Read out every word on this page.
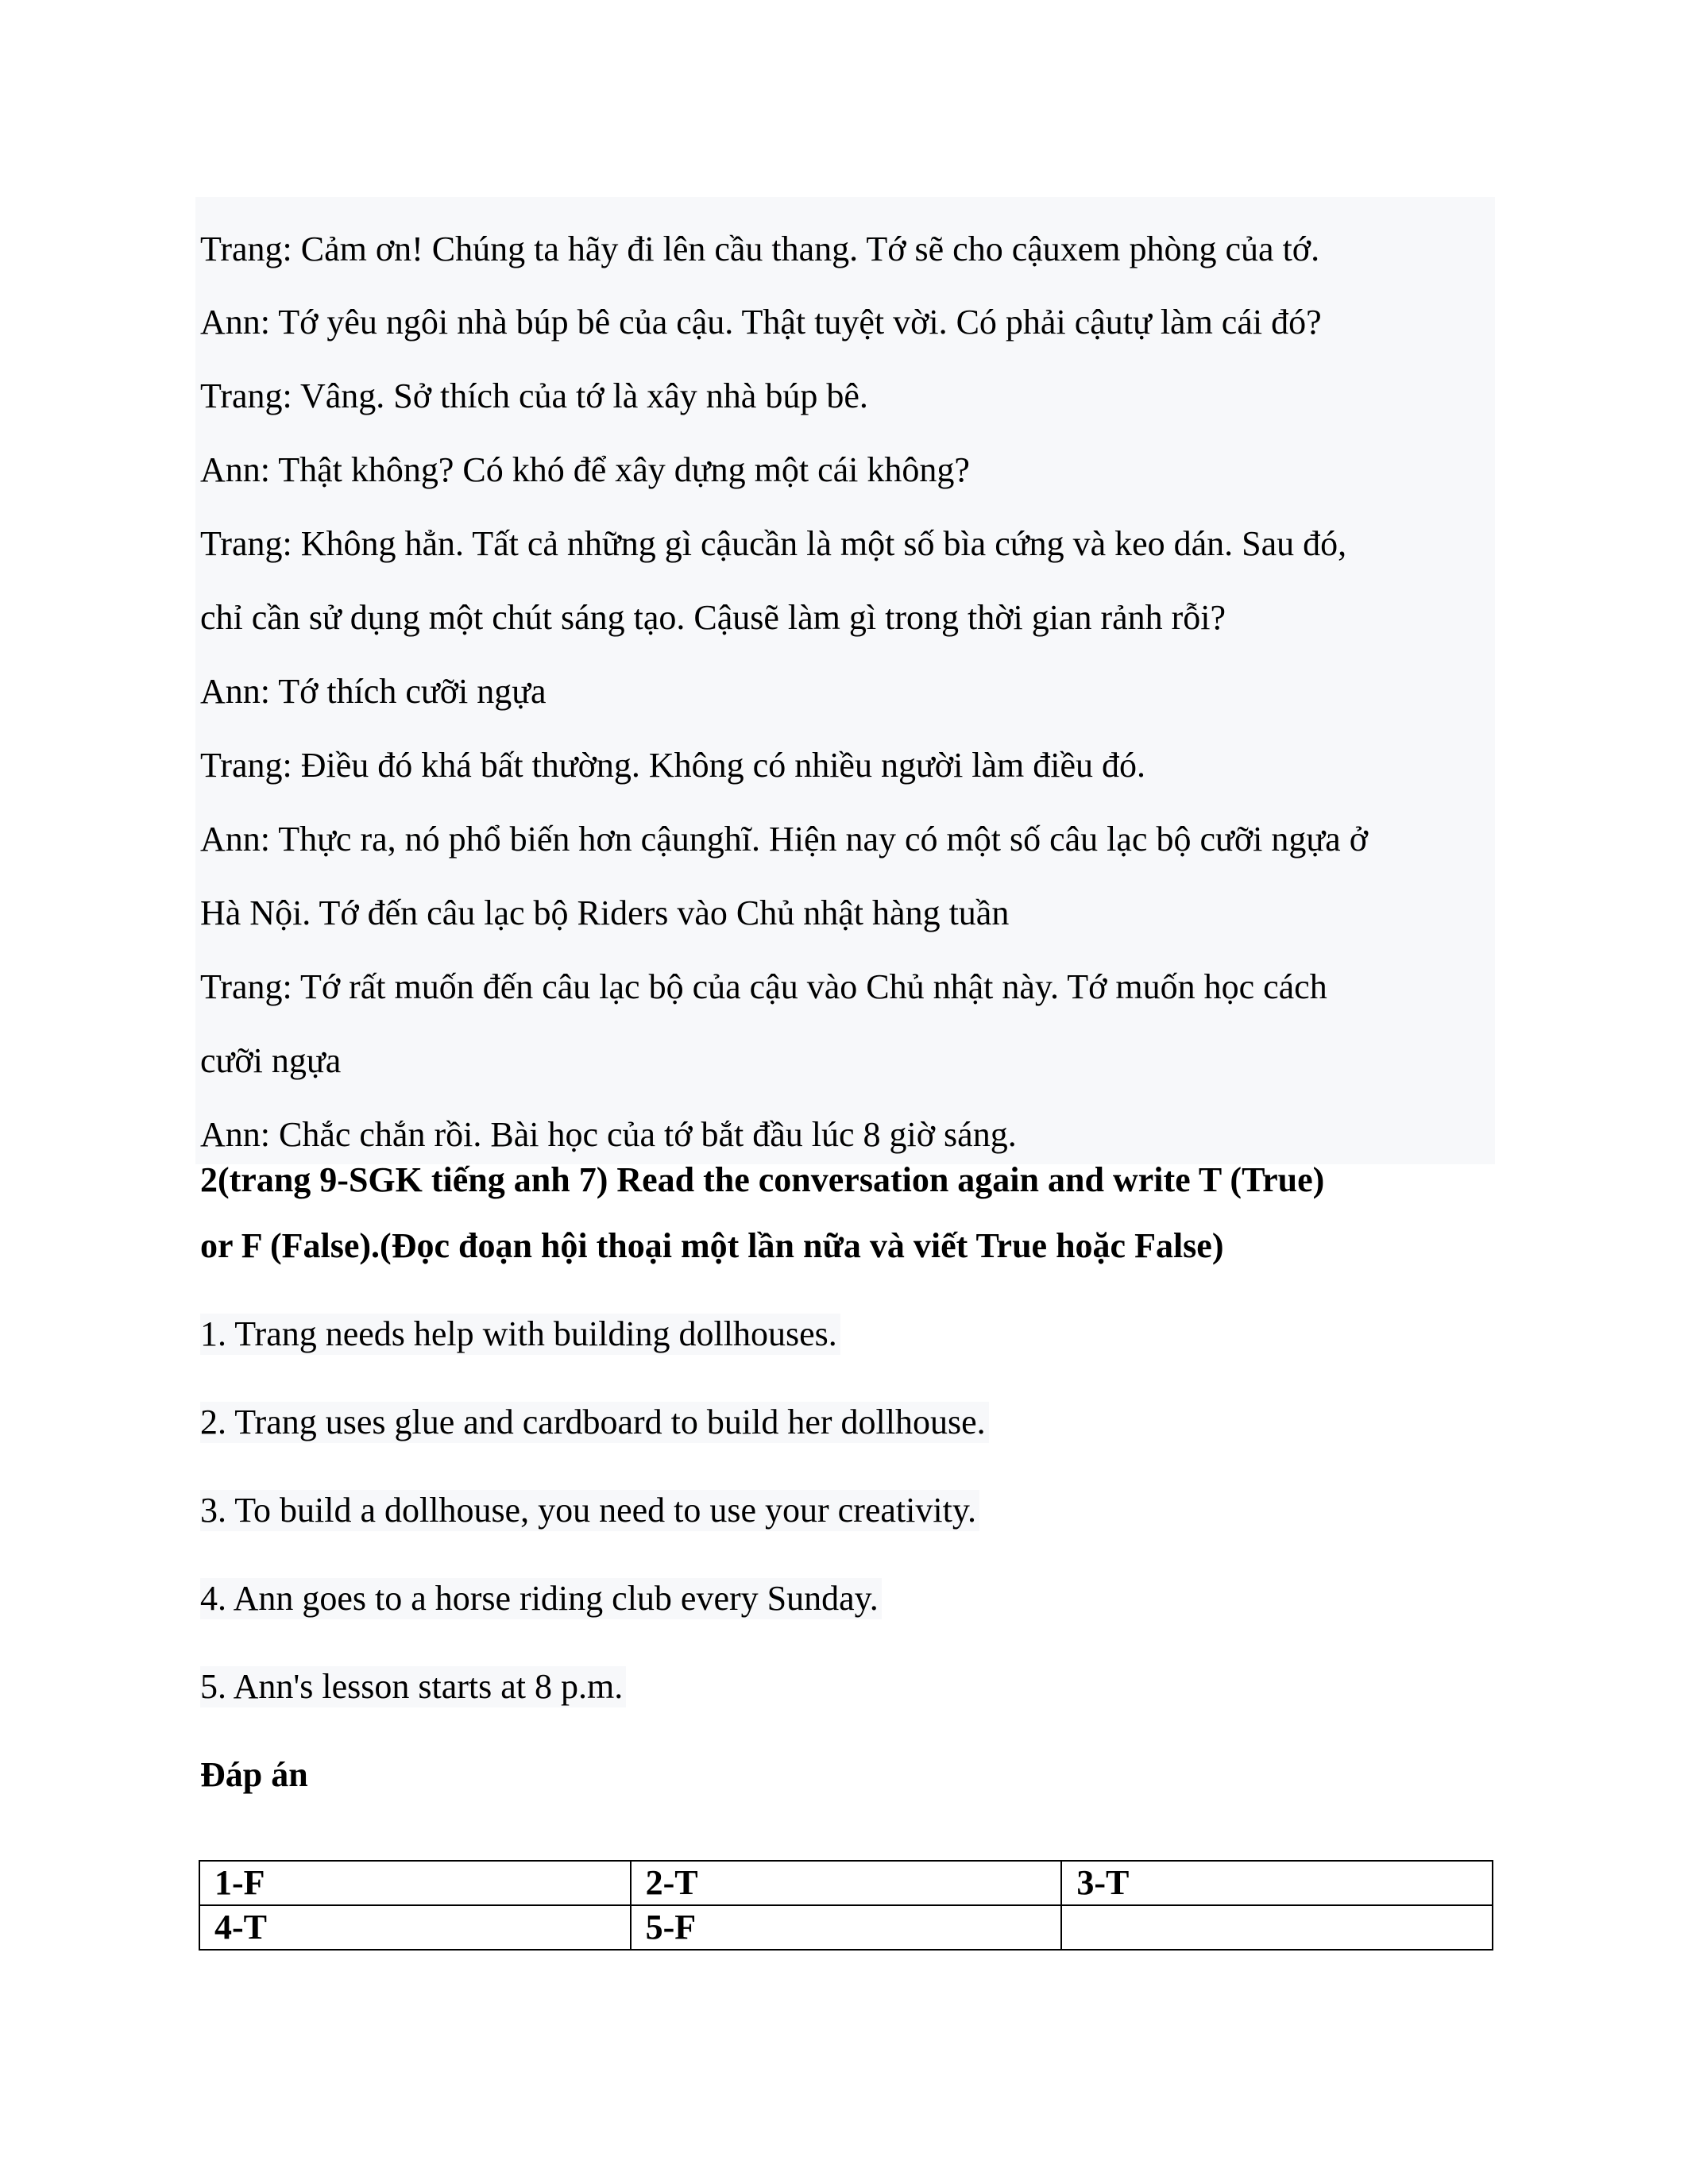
Trang: Cảm ơn! Chúng ta hãy đi lên cầu thang. Tớ sẽ cho cậuxem phòng của tớ.
Ann: Tớ yêu ngôi nhà búp bê của cậu. Thật tuyệt vời. Có phải cậutự làm cái đó?
Trang: Vâng. Sở thích của tớ là xây nhà búp bê.
Ann: Thật không? Có khó để xây dựng một cái không?
Trang: Không hẳn. Tất cả những gì cậucần là một số bìa cứng và keo dán. Sau đó,
chỉ cần sử dụng một chút sáng tạo. Cậusẽ làm gì trong thời gian rảnh rỗi?
Ann: Tớ thích cưỡi ngựa
Trang: Điều đó khá bất thường. Không có nhiều người làm điều đó.
Ann: Thực ra, nó phổ biến hơn cậunghĩ. Hiện nay có một số câu lạc bộ cưỡi ngựa ở
Hà Nội. Tớ đến câu lạc bộ Riders vào Chủ nhật hàng tuần
Trang: Tớ rất muốn đến câu lạc bộ của cậu vào Chủ nhật này. Tớ muốn học cách
cưỡi ngựa
Ann: Chắc chắn rồi. Bài học của tớ bắt đầu lúc 8 giờ sáng.
2(trang 9-SGK tiếng anh 7) Read the conversation again and write T (True)
or F (False).(Đọc đoạn hội thoại một lần nữa và viết True hoặc False)
1. Trang needs help with building dollhouses.
2. Trang uses glue and cardboard to build her dollhouse.
3. To build a dollhouse, you need to use your creativity.
4. Ann goes to a horse riding club every Sunday.
5. Ann's lesson starts at 8 p.m.
Đáp án
1-F	2-T	3-T
4-T	5-F	
